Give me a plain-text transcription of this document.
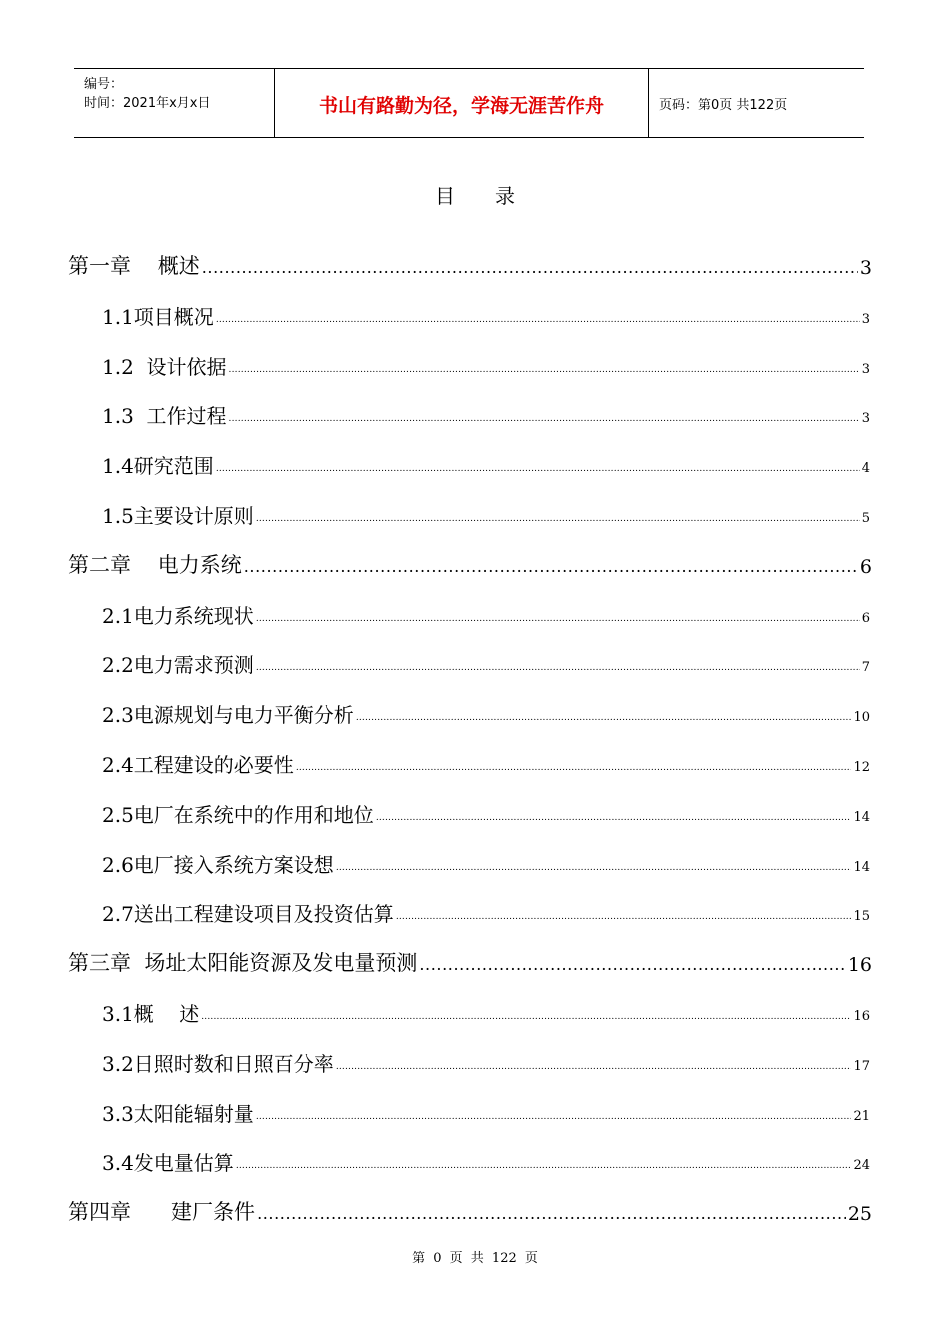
编号：
时间：2021年x月x日	书山有路勤为径，学海无涯苦作舟	页码：第0页 共122页
目录
第一章    概述 .....	3
1.1项目概况 .....	3
1.2  设计依据 .....	3
1.3  工作过程 .....	3
1.4研究范围 .....	4
1.5主要设计原则 .....	5
第二章    电力系统 .....	6
2.1电力系统现状 .....	6
2.2电力需求预测 .....	7
2.3电源规划与电力平衡分析 .....	10
2.4工程建设的必要性 .....	12
2.5电厂在系统中的作用和地位 .....	14
2.6电厂接入系统方案设想 .....	14
2.7送出工程建设项目及投资估算 .....	15
第三章  场址太阳能资源及发电量预测 .....	16
3.1概    述 .....	16
3.2日照时数和日照百分率 .....	17
3.3太阳能辐射量 .....	21
3.4发电量估算 .....	24
第四章      建厂条件 .....	25
第 0 页 共 122 页
